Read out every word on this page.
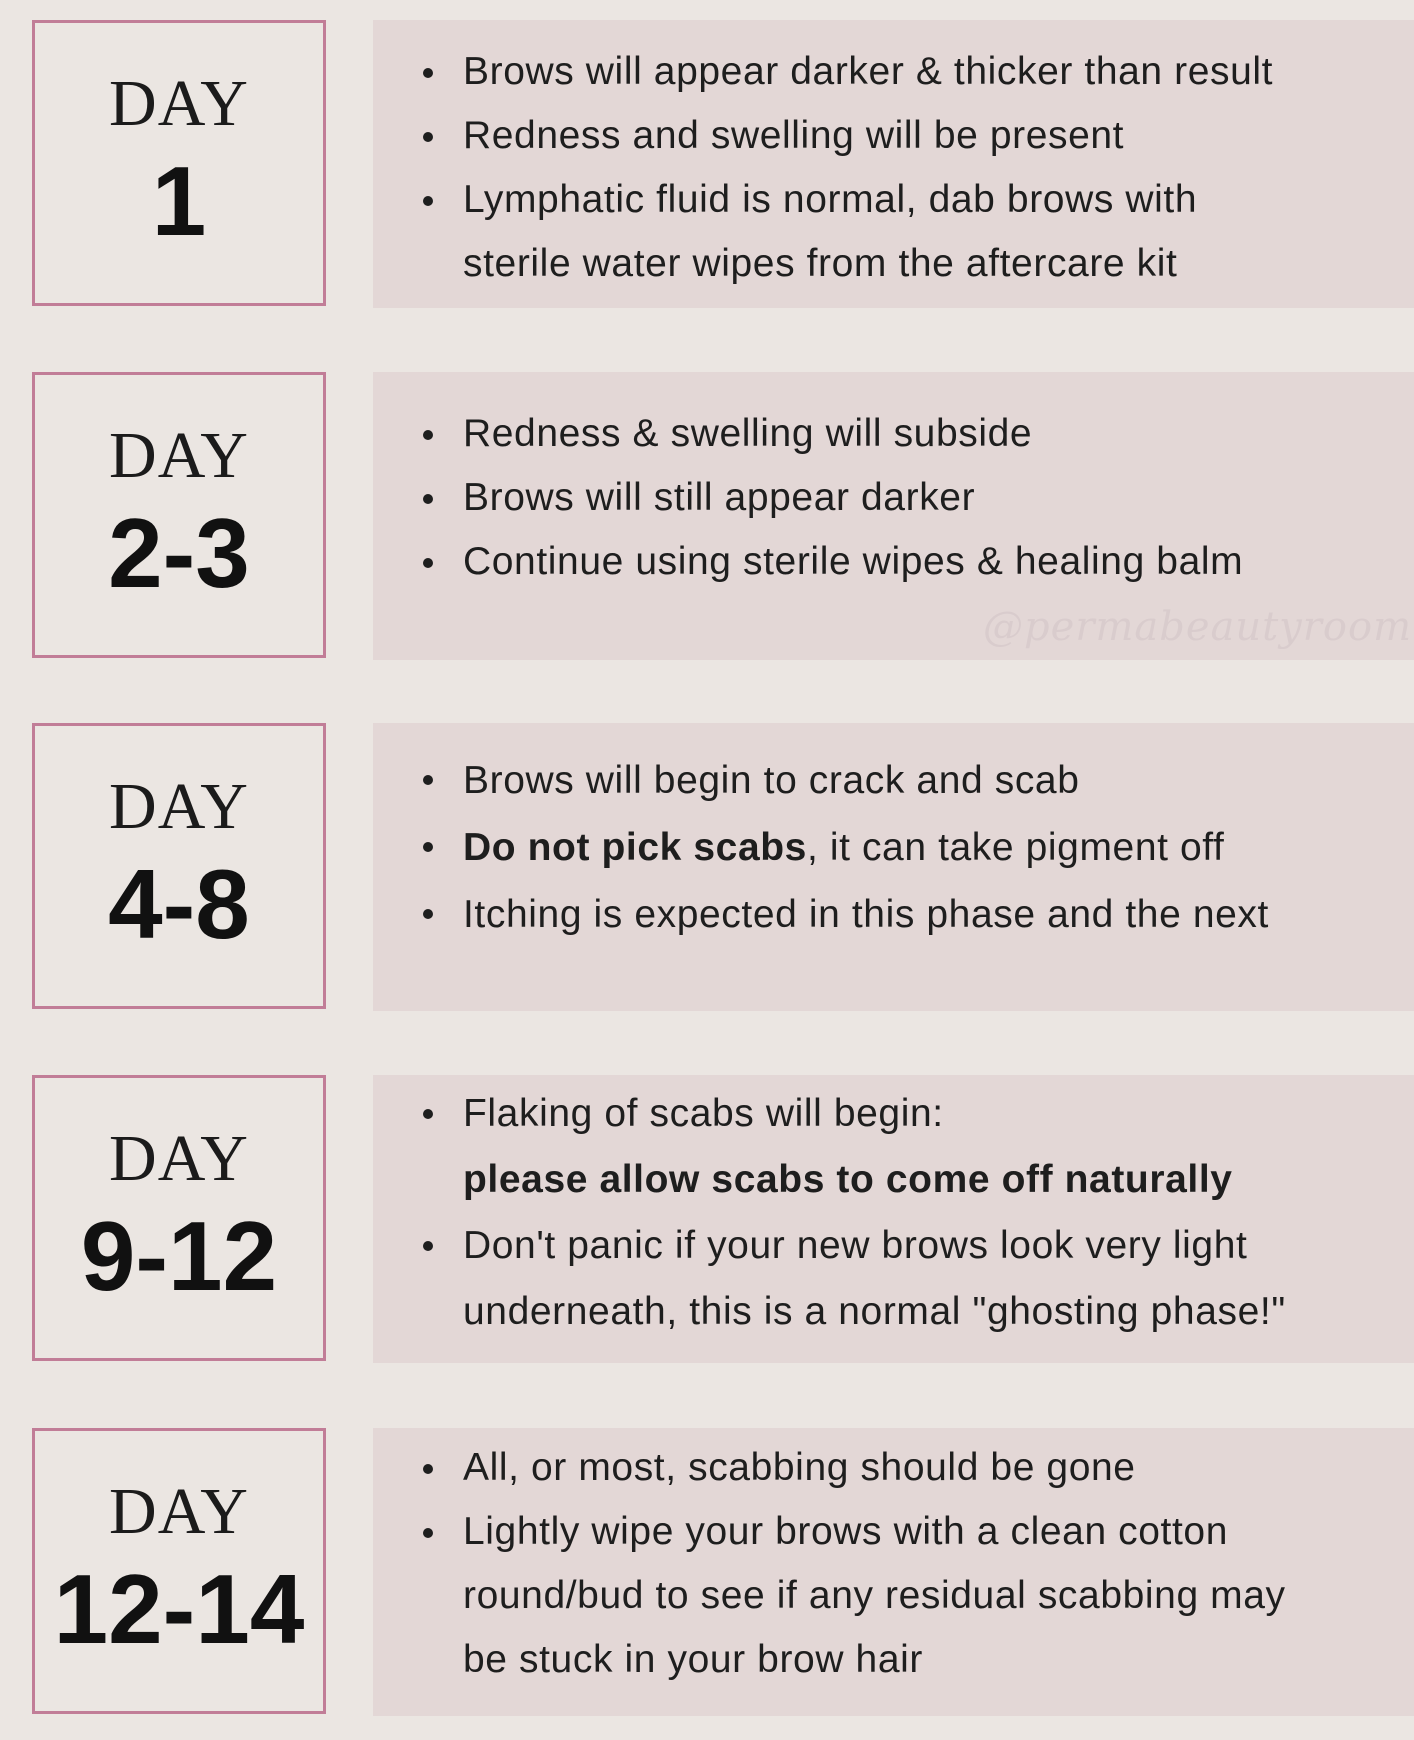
DAY
1
Brows will appear darker & thicker than result
Redness and swelling will be present
Lymphatic fluid is normal, dab brows with
sterile water wipes from the aftercare kit
DAY
2-3
Redness & swelling will subside
Brows will still appear darker
Continue using sterile wipes & healing balm
@permabeautyroom
DAY
4-8
Brows will begin to crack and scab
Do not pick scabs, it can take pigment off
Itching is expected in this phase and the next
DAY
9-12
Flaking of scabs will begin:
please allow scabs to come off naturally
Don't panic if your new brows look very light
underneath, this is a normal "ghosting phase!"
DAY
12-14
All, or most, scabbing should be gone
Lightly wipe your brows with a clean cotton
round/bud to see if any residual scabbing may
be stuck in your brow hair
